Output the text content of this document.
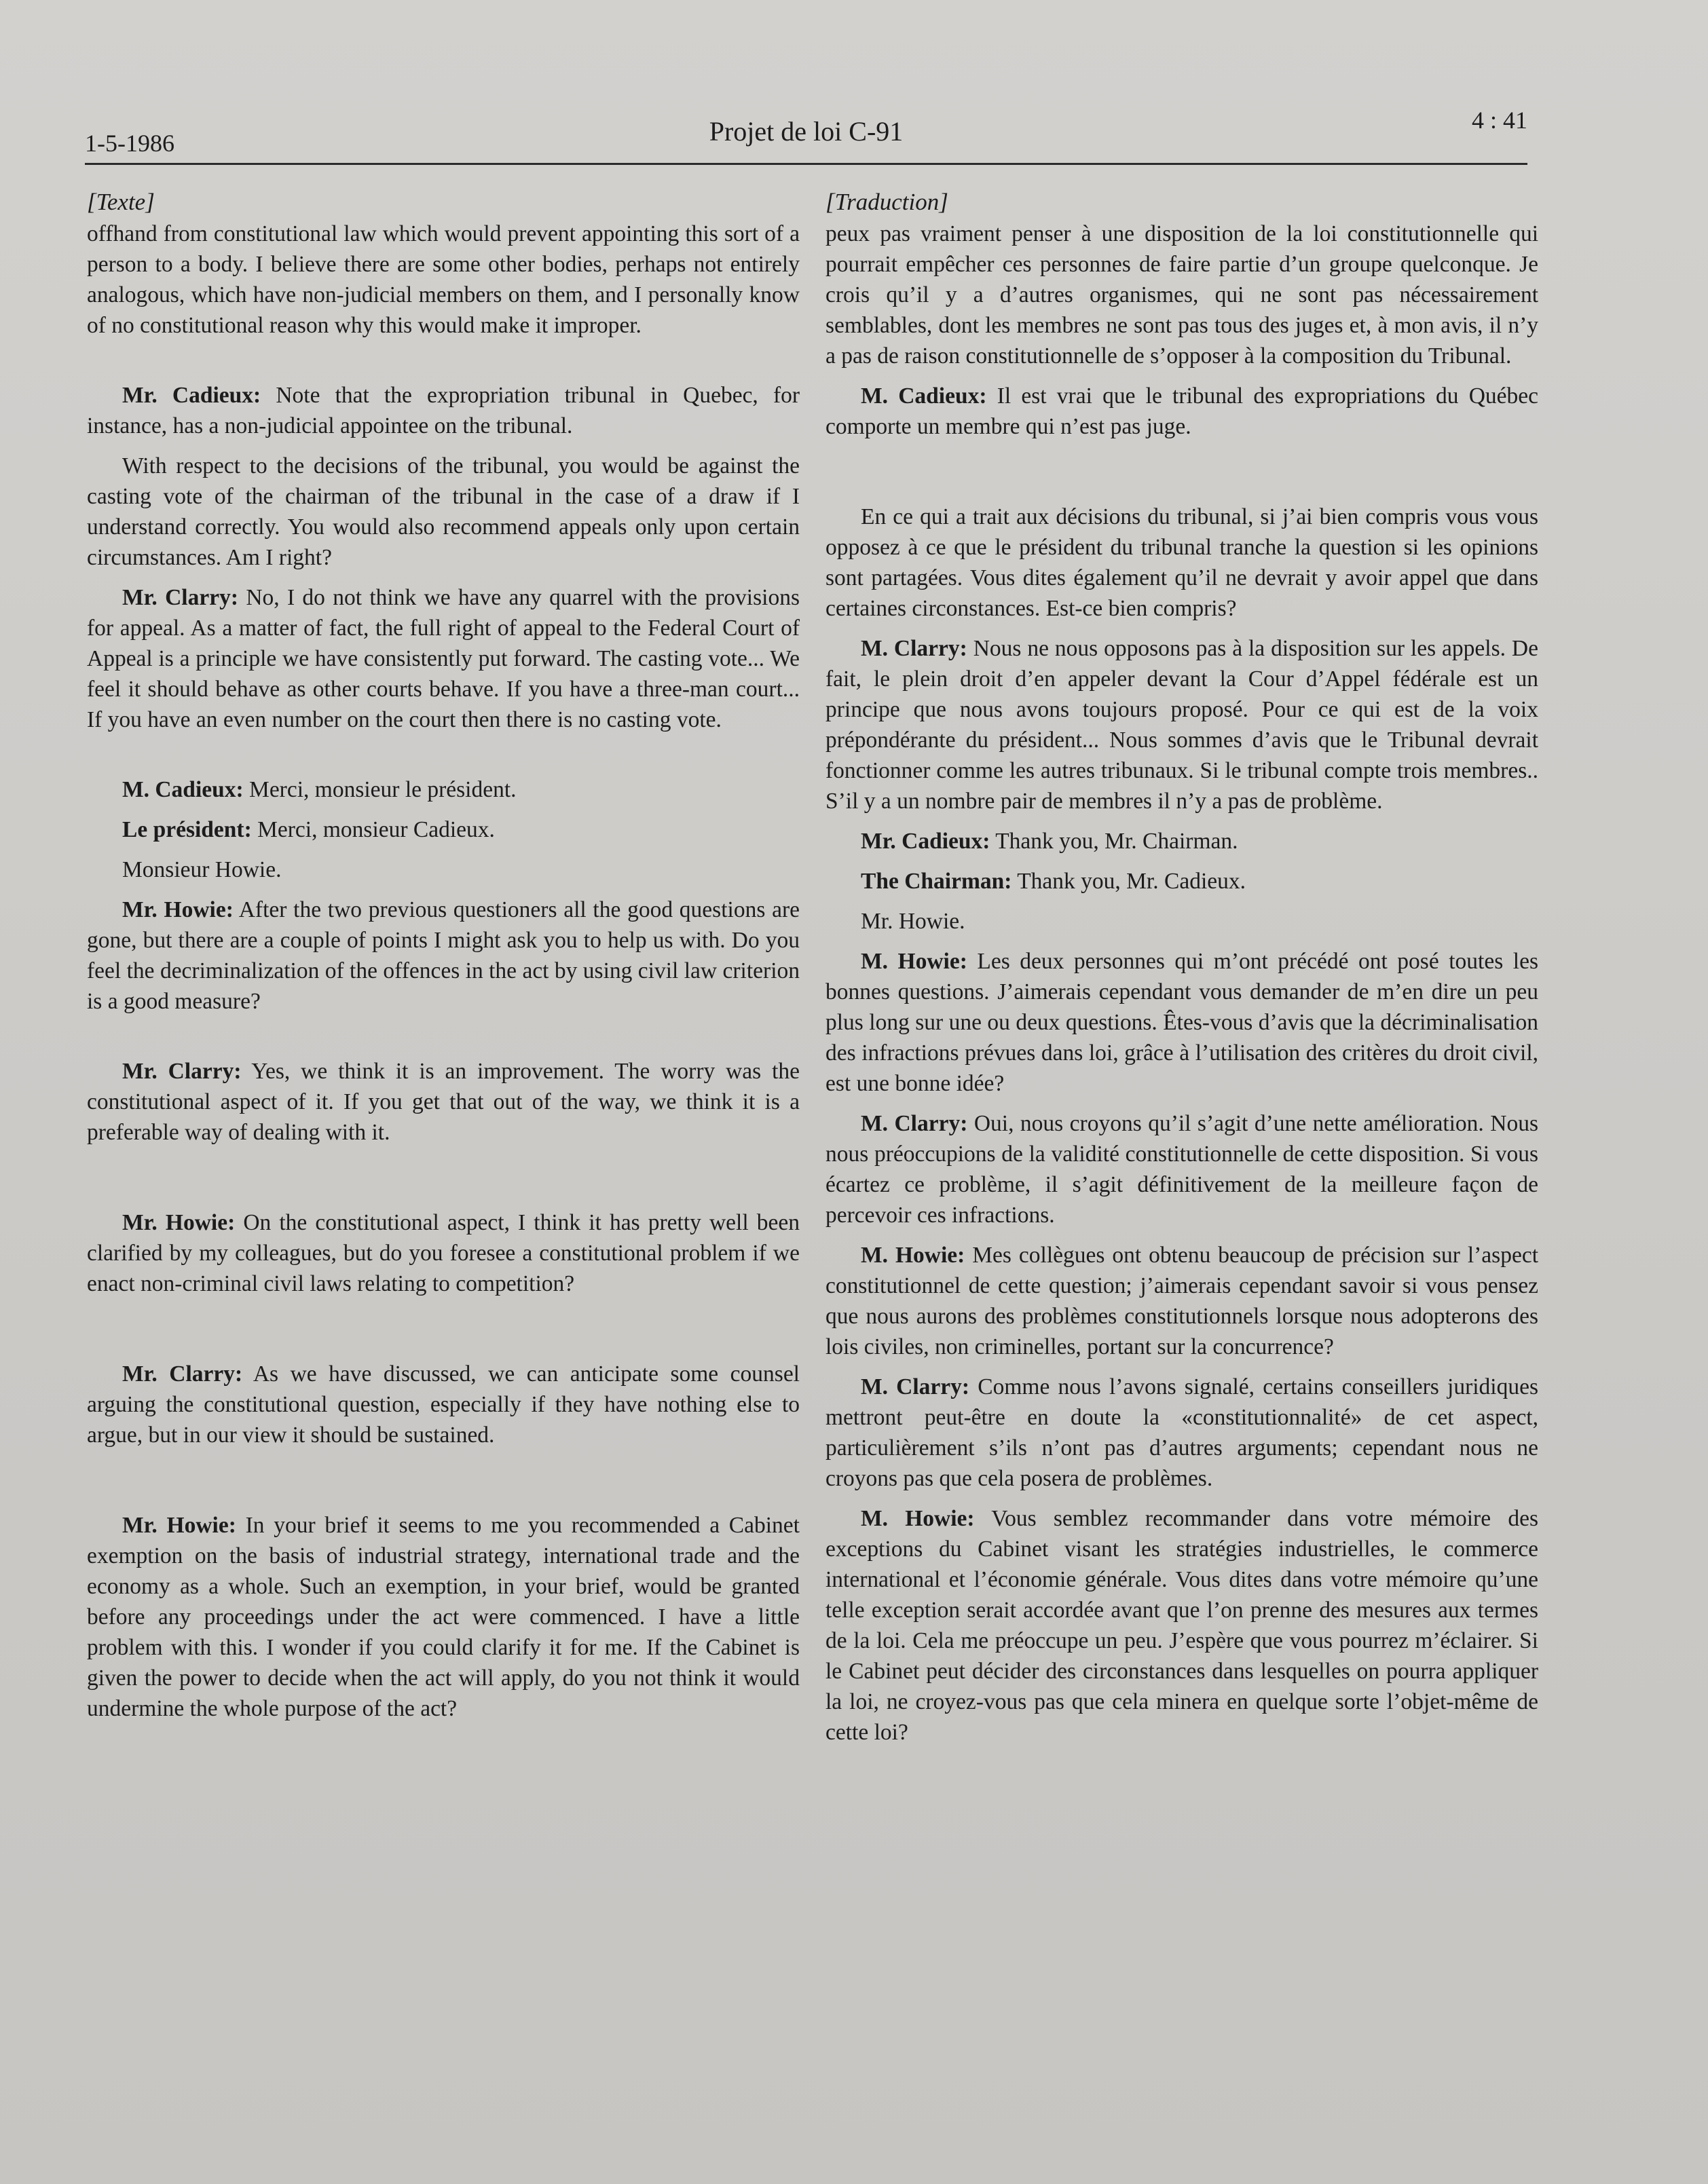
1-5-1986	Projet de loi C-91	4 : 41

[Texte]

offhand from constitutional law which would prevent appointing this sort of a person to a body. I believe there are some other bodies, perhaps not entirely analogous, which have non-judicial members on them, and I personally know of no constitutional reason why this would make it improper.

Mr. Cadieux: Note that the expropriation tribunal in Quebec, for instance, has a non-judicial appointee on the tribunal.

With respect to the decisions of the tribunal, you would be against the casting vote of the chairman of the tribunal in the case of a draw if I understand correctly. You would also recommend appeals only upon certain circumstances. Am I right?

Mr. Clarry: No, I do not think we have any quarrel with the provisions for appeal. As a matter of fact, the full right of appeal to the Federal Court of Appeal is a principle we have consistently put forward. The casting vote... We feel it should behave as other courts behave. If you have a three-man court... If you have an even number on the court then there is no casting vote.

M. Cadieux: Merci, monsieur le président.

Le président: Merci, monsieur Cadieux.

Monsieur Howie.

Mr. Howie: After the two previous questioners all the good questions are gone, but there are a couple of points I might ask you to help us with. Do you feel the decriminalization of the offences in the act by using civil law criterion is a good measure?

Mr. Clarry: Yes, we think it is an improvement. The worry was the constitutional aspect of it. If you get that out of the way, we think it is a preferable way of dealing with it.

Mr. Howie: On the constitutional aspect, I think it has pretty well been clarified by my colleagues, but do you foresee a constitutional problem if we enact non-criminal civil laws relating to competition?

Mr. Clarry: As we have discussed, we can anticipate some counsel arguing the constitutional question, especially if they have nothing else to argue, but in our view it should be sustained.

Mr. Howie: In your brief it seems to me you recommended a Cabinet exemption on the basis of industrial strategy, international trade and the economy as a whole. Such an exemption, in your brief, would be granted before any proceedings under the act were commenced. I have a little problem with this. I wonder if you could clarify it for me. If the Cabinet is given the power to decide when the act will apply, do you not think it would undermine the whole purpose of the act?

[Traduction]

peux pas vraiment penser à une disposition de la loi constitutionnelle qui pourrait empêcher ces personnes de faire partie d’un groupe quelconque. Je crois qu’il y a d’autres organismes, qui ne sont pas nécessairement semblables, dont les membres ne sont pas tous des juges et, à mon avis, il n’y a pas de raison constitutionnelle de s’opposer à la composition du Tribunal.

M. Cadieux: Il est vrai que le tribunal des expropriations du Québec comporte un membre qui n’est pas juge.

En ce qui a trait aux décisions du tribunal, si j’ai bien compris vous vous opposez à ce que le président du tribunal tranche la question si les opinions sont partagées. Vous dites également qu’il ne devrait y avoir appel que dans certaines circonstances. Est-ce bien compris?

M. Clarry: Nous ne nous opposons pas à la disposition sur les appels. De fait, le plein droit d’en appeler devant la Cour d’Appel fédérale est un principe que nous avons toujours proposé. Pour ce qui est de la voix prépondérante du président... Nous sommes d’avis que le Tribunal devrait fonctionner comme les autres tribunaux. Si le tribunal compte trois membres.. S’il y a un nombre pair de membres il n’y a pas de problème.

Mr. Cadieux: Thank you, Mr. Chairman.

The Chairman: Thank you, Mr. Cadieux.

Mr. Howie.

M. Howie: Les deux personnes qui m’ont précédé ont posé toutes les bonnes questions. J’aimerais cependant vous demander de m’en dire un peu plus long sur une ou deux questions. Êtes-vous d’avis que la décriminalisation des infractions prévues dans loi, grâce à l’utilisation des critères du droit civil, est une bonne idée?

M. Clarry: Oui, nous croyons qu’il s’agit d’une nette amélioration. Nous nous préoccupions de la validité constitutionnelle de cette disposition. Si vous écartez ce problème, il s’agit définitivement de la meilleure façon de percevoir ces infractions.

M. Howie: Mes collègues ont obtenu beaucoup de précision sur l’aspect constitutionnel de cette question; j’aimerais cependant savoir si vous pensez que nous aurons des problèmes constitutionnels lorsque nous adopterons des lois civiles, non criminelles, portant sur la concurrence?

M. Clarry: Comme nous l’avons signalé, certains conseillers juridiques mettront peut-être en doute la «constitutionnalité» de cet aspect, particulièrement s’ils n’ont pas d’autres arguments; cependant nous ne croyons pas que cela posera de problèmes.

M. Howie: Vous semblez recommander dans votre mémoire des exceptions du Cabinet visant les stratégies industrielles, le commerce international et l’économie générale. Vous dites dans votre mémoire qu’une telle exception serait accordée avant que l’on prenne des mesures aux termes de la loi. Cela me préoccupe un peu. J’espère que vous pourrez m’éclairer. Si le Cabinet peut décider des circonstances dans lesquelles on pourra appliquer la loi, ne croyez-vous pas que cela minera en quelque sorte l’objet-même de cette loi?
